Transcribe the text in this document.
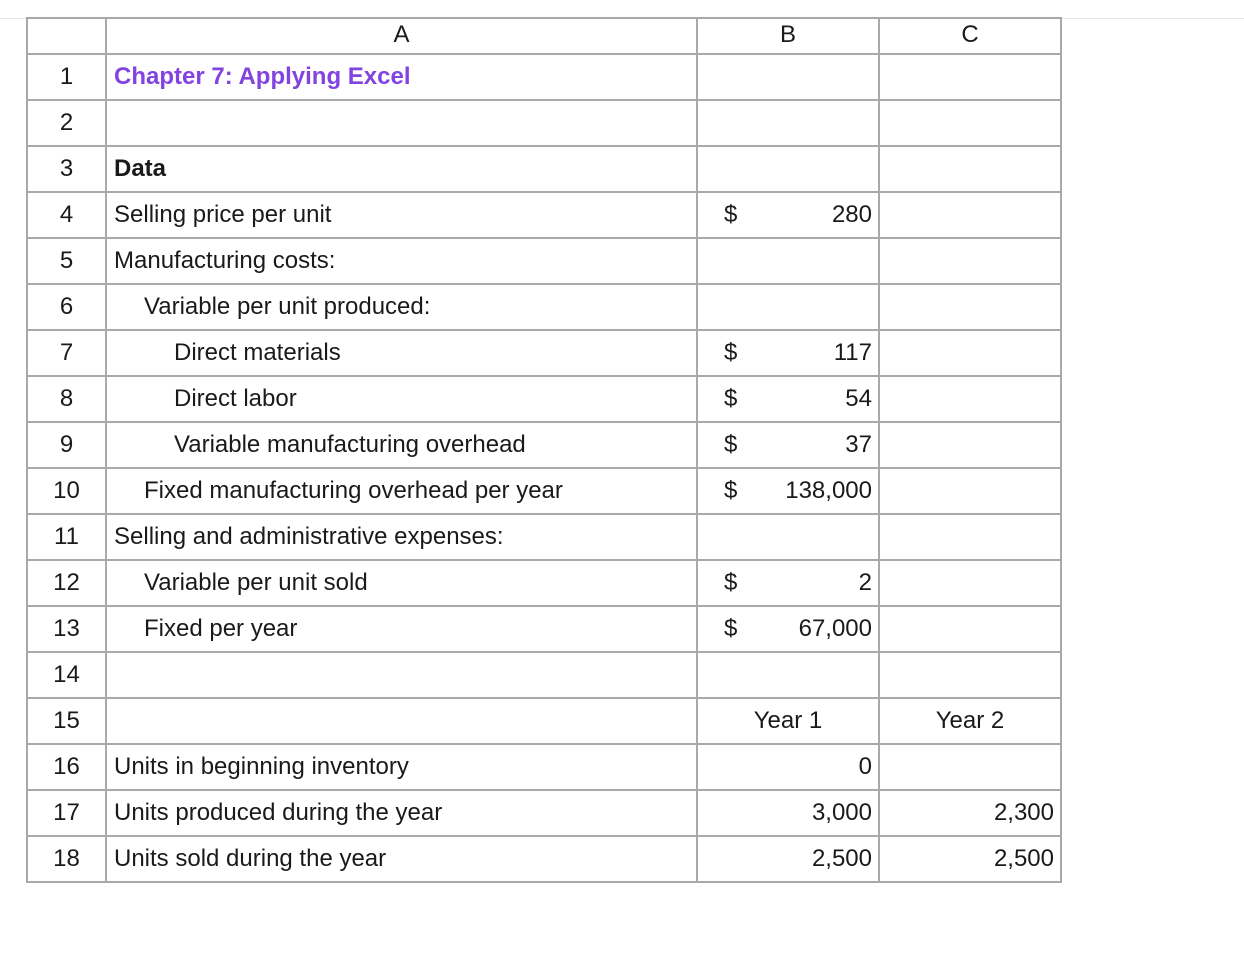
	A	B	C
1	Chapter 7: Applying Excel		
2			
3	Data		
4	Selling price per unit	$ 280	

5	Manufacturing costs:		
6	Variable per unit produced:		
7	Direct materials	$ 117	

8	Direct labor	$ 54	

9	Variable manufacturing overhead	$ 37	

10	Fixed manufacturing overhead per year	$ 138,000	

11	Selling and administrative expenses:		
12	Variable per unit sold	$ 2	

13	Fixed per year	$ 67,000	

14			
15		Year 1	Year 2
16	Units in beginning inventory	0	
17	Units produced during the year	3,000	2,300
18	Units sold during the year	2,500	2,500
